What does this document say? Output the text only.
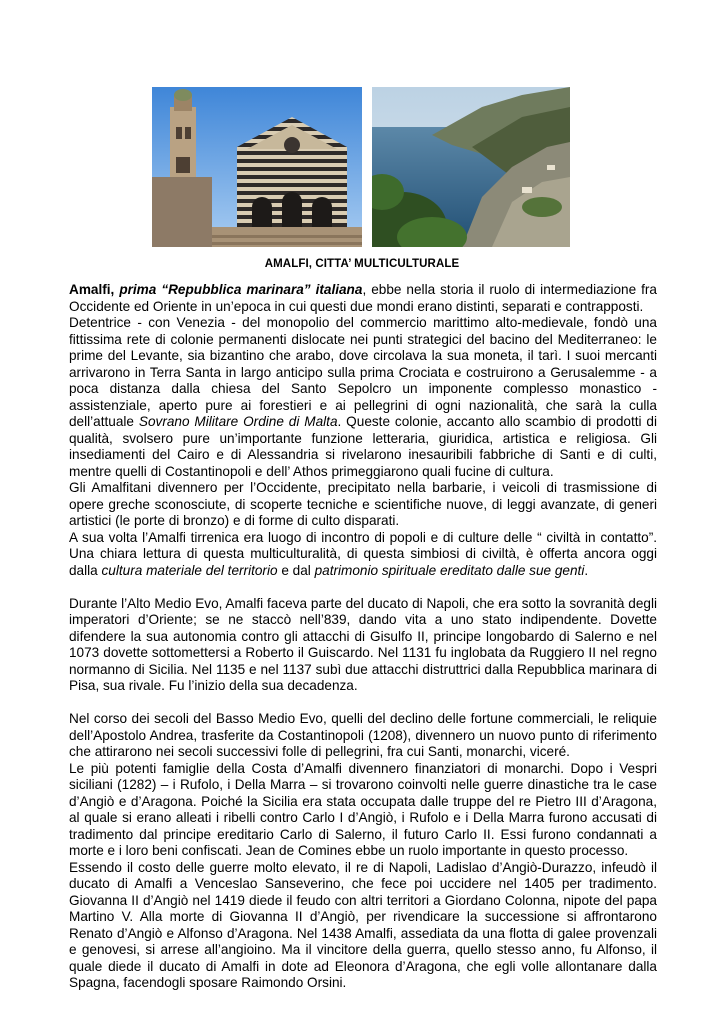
AMALFI, CITTA’ MULTICULTURALE

Amalfi, prima “Repubblica marinara” italiana, ebbe nella storia il ruolo di intermediazione fra Occidente ed Oriente in un’epoca in cui questi due mondi erano distinti, separati e contrapposti.

Detentrice - con Venezia - del monopolio del commercio marittimo alto-medievale, fondò una fittissima rete di colonie permanenti dislocate nei punti strategici del bacino del Mediterraneo: le prime del Levante, sia bizantino che arabo, dove circolava la sua moneta, il tarì. I suoi mercanti arrivarono in Terra Santa in largo anticipo sulla prima Crociata e costruirono a Gerusalemme - a poca distanza dalla chiesa del Santo Sepolcro un imponente complesso monastico -assistenziale, aperto pure ai forestieri e ai pellegrini di ogni nazionalità, che sarà la culla dell’attuale Sovrano Militare Ordine di Malta. Queste colonie, accanto allo scambio di prodotti di qualità, svolsero pure un’importante funzione letteraria, giuridica, artistica e religiosa. Gli insediamenti del Cairo e di Alessandria si rivelarono inesauribili fabbriche di Santi e di culti, mentre quelli di Costantinopoli e dell’ Athos primeggiarono quali fucine di cultura.

Gli Amalfitani divennero per l’Occidente, precipitato nella barbarie, i veicoli di trasmissione di opere greche sconosciute, di scoperte tecniche e scientifiche nuove, di leggi avanzate, di generi artistici (le porte di bronzo) e di forme di culto disparati.

A sua volta l’Amalfi tirrenica era luogo di incontro di popoli e di culture delle “ civiltà in contatto”. Una chiara lettura di questa multiculturalità, di questa simbiosi di civiltà, è offerta ancora oggi dalla cultura materiale del territorio e dal patrimonio spirituale ereditato dalle sue genti.

Durante l’Alto Medio Evo, Amalfi faceva parte del ducato di Napoli, che era sotto la sovranità degli imperatori d’Oriente; se ne staccò nell’839, dando vita a uno stato indipendente. Dovette difendere la sua autonomia contro gli attacchi di Gisulfo II, principe longobardo di Salerno e nel 1073 dovette sottomettersi a Roberto il Guiscardo. Nel 1131 fu inglobata da Ruggiero II nel regno normanno di Sicilia. Nel 1135 e nel 1137 subì due attacchi distruttrici dalla Repubblica marinara di Pisa, sua rivale. Fu l’inizio della sua decadenza.

Nel corso dei secoli del Basso Medio Evo, quelli del declino delle fortune commerciali, le reliquie dell’Apostolo Andrea, trasferite da Costantinopoli (1208), divennero un nuovo punto di riferimento che attirarono nei secoli successivi folle di pellegrini, fra cui Santi, monarchi, viceré.

Le più potenti famiglie della Costa d’Amalfi divennero finanziatori di monarchi. Dopo i Vespri siciliani (1282) – i Rufolo, i Della Marra – si trovarono coinvolti nelle guerre dinastiche tra le case d’Angiò e d’Aragona. Poiché la Sicilia era stata occupata dalle truppe del re Pietro III d’Aragona, al quale si erano alleati i ribelli contro Carlo I d’Angiò, i Rufolo e i Della Marra furono accusati di tradimento dal principe ereditario Carlo di Salerno, il futuro Carlo II. Essi furono condannati a morte e i loro beni confiscati. Jean de Comines ebbe un ruolo importante in questo processo.

Essendo il costo delle guerre molto elevato, il re di Napoli, Ladislao d’Angiò-Durazzo, infeudò il ducato di Amalfi a Venceslao Sanseverino, che fece poi uccidere nel 1405 per tradimento. Giovanna II d’Angiò nel 1419 diede il feudo con altri territori a Giordano Colonna, nipote del papa Martino V. Alla morte di Giovanna II d’Angiò, per rivendicare la successione si affrontarono Renato d’Angiò e Alfonso d’Aragona. Nel 1438 Amalfi, assediata da una flotta di galee provenzali e genovesi, si arrese all’angioino. Ma il vincitore della guerra, quello stesso anno, fu Alfonso, il quale diede il ducato di Amalfi in dote ad Eleonora d’Aragona, che egli volle allontanare dalla Spagna, facendogli sposare Raimondo Orsini.
